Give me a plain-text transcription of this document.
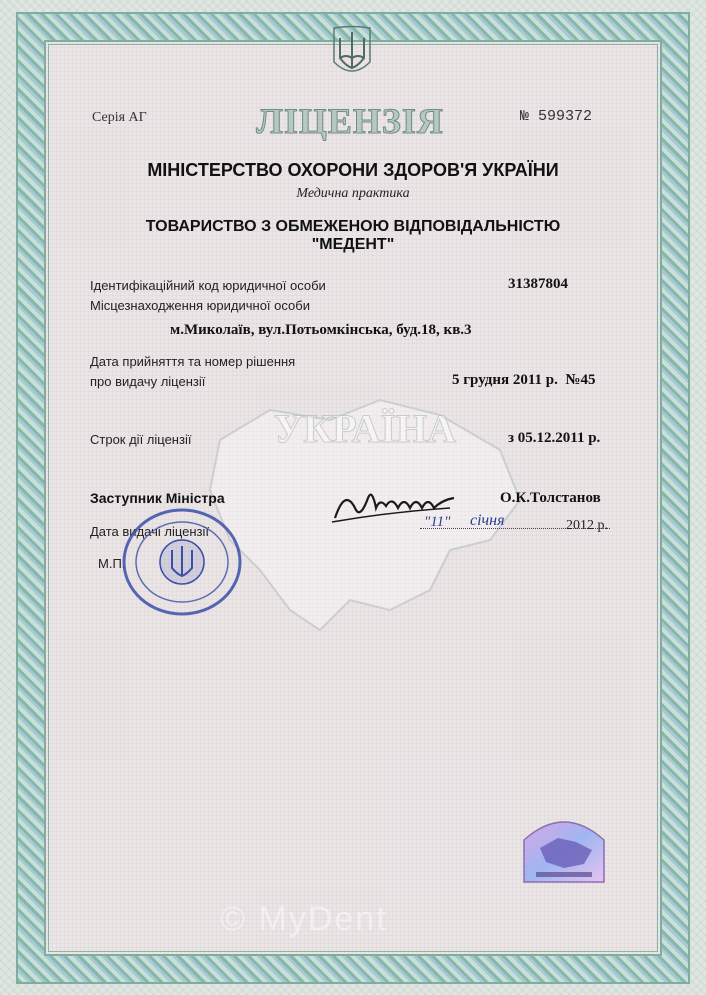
УКРАЇНА
Серія АГ	ЛІЦЕНЗІЯ	№ 599372
МІНІСТЕРСТВО ОХОРОНИ ЗДОРОВ'Я УКРАЇНИ
Медична практика
ТОВАРИСТВО З ОБМЕЖЕНОЮ ВІДПОВІДАЛЬНІСТЮ
"МЕДЕНТ"
Ідентифікаційний код юридичної особи	31387804
Місцезнаходження юридичної особи
м.Миколаїв, вул.Потьомкінська, буд.18, кв.3
Дата прийняття та номер рішення
про видачу ліцензії	5 грудня 2011 р.  №45
Строк дії ліцензії	з 05.12.2011 р.
Заступник Міністра	О.К.Толстанов
Дата видачі ліцензії
"11" січня	2012 р.
М.П.
© MyDent
